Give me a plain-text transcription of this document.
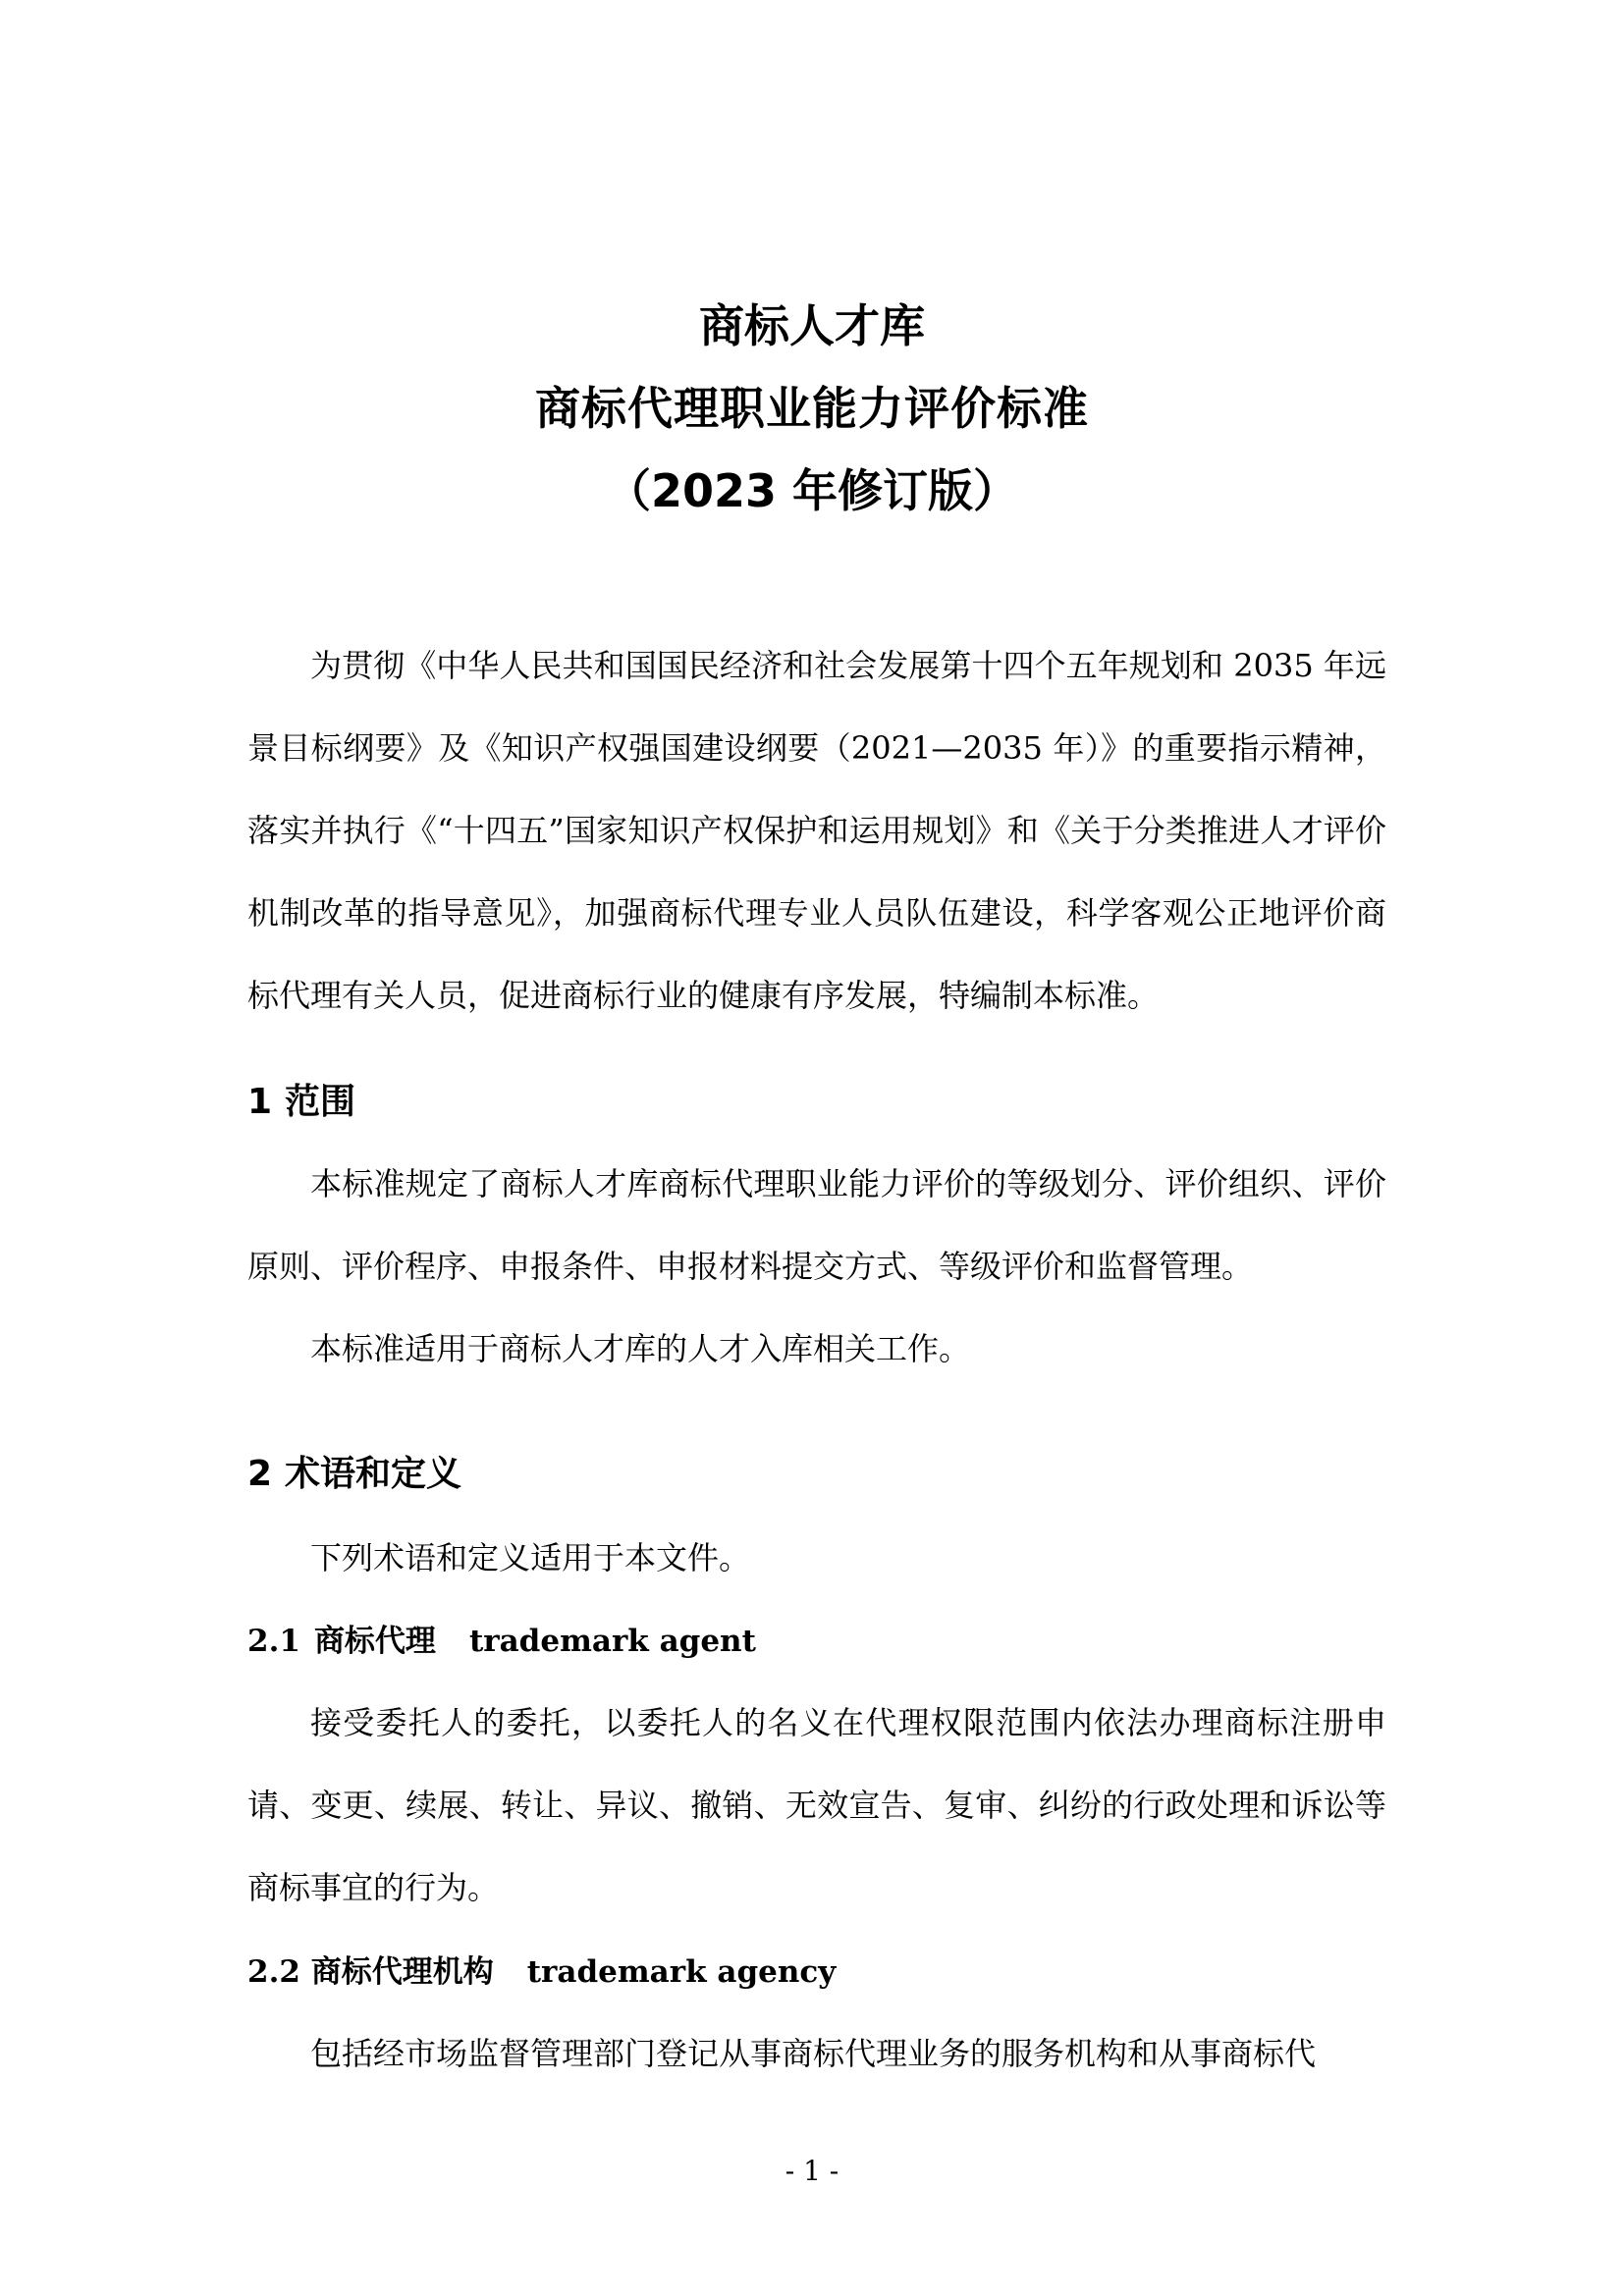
商标人才库
商标代理职业能力评价标准
（2023 年修订版）

为贯彻《中华人民共和国国民经济和社会发展第十四个五年规划和 2035 年远景目标纲要》及《知识产权强国建设纲要（2021—2035 年）》的重要指示精神，落实并执行《“十四五”国家知识产权保护和运用规划》和《关于分类推进人才评价机制改革的指导意见》，加强商标代理专业人员队伍建设，科学客观公正地评价商标代理有关人员，促进商标行业的健康有序发展，特编制本标准。

1 范围

本标准规定了商标人才库商标代理职业能力评价的等级划分、评价组织、评价原则、评价程序、申报条件、申报材料提交方式、等级评价和监督管理。

本标准适用于商标人才库的人才入库相关工作。

2 术语和定义

下列术语和定义适用于本文件。

2.1 商标代理 trademark agent

接受委托人的委托，以委托人的名义在代理权限范围内依法办理商标注册申请、变更、续展、转让、异议、撤销、无效宣告、复审、纠纷的行政处理和诉讼等商标事宜的行为。

2.2 商标代理机构 trademark agency

包括经市场监督管理部门登记从事商标代理业务的服务机构和从事商标代

- 1 -
